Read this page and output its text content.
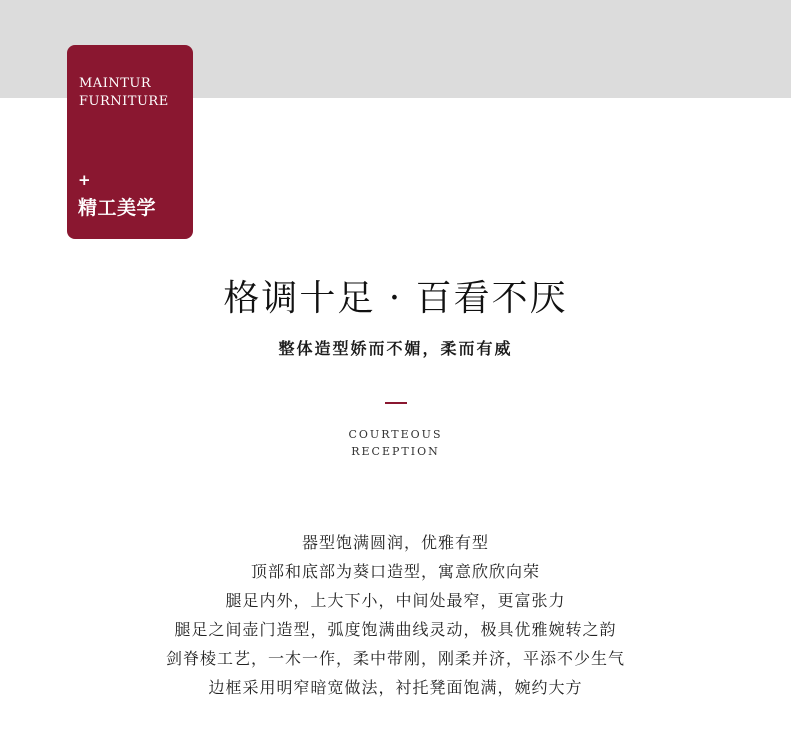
MAINTUR
FURNITURE

+
精工美学
格调十足 · 百看不厌

整体造型娇而不媚，柔而有威

COURTEOUS
RECEPTION
器型饱满圆润，优雅有型
顶部和底部为葵口造型，寓意欣欣向荣
腿足内外，上大下小，中间处最窄，更富张力
腿足之间壶门造型，弧度饱满曲线灵动，极具优雅婉转之韵
剑脊棱工艺，一木一作，柔中带刚，刚柔并济，平添不少生气
边框采用明窄暗宽做法，衬托凳面饱满，婉约大方
